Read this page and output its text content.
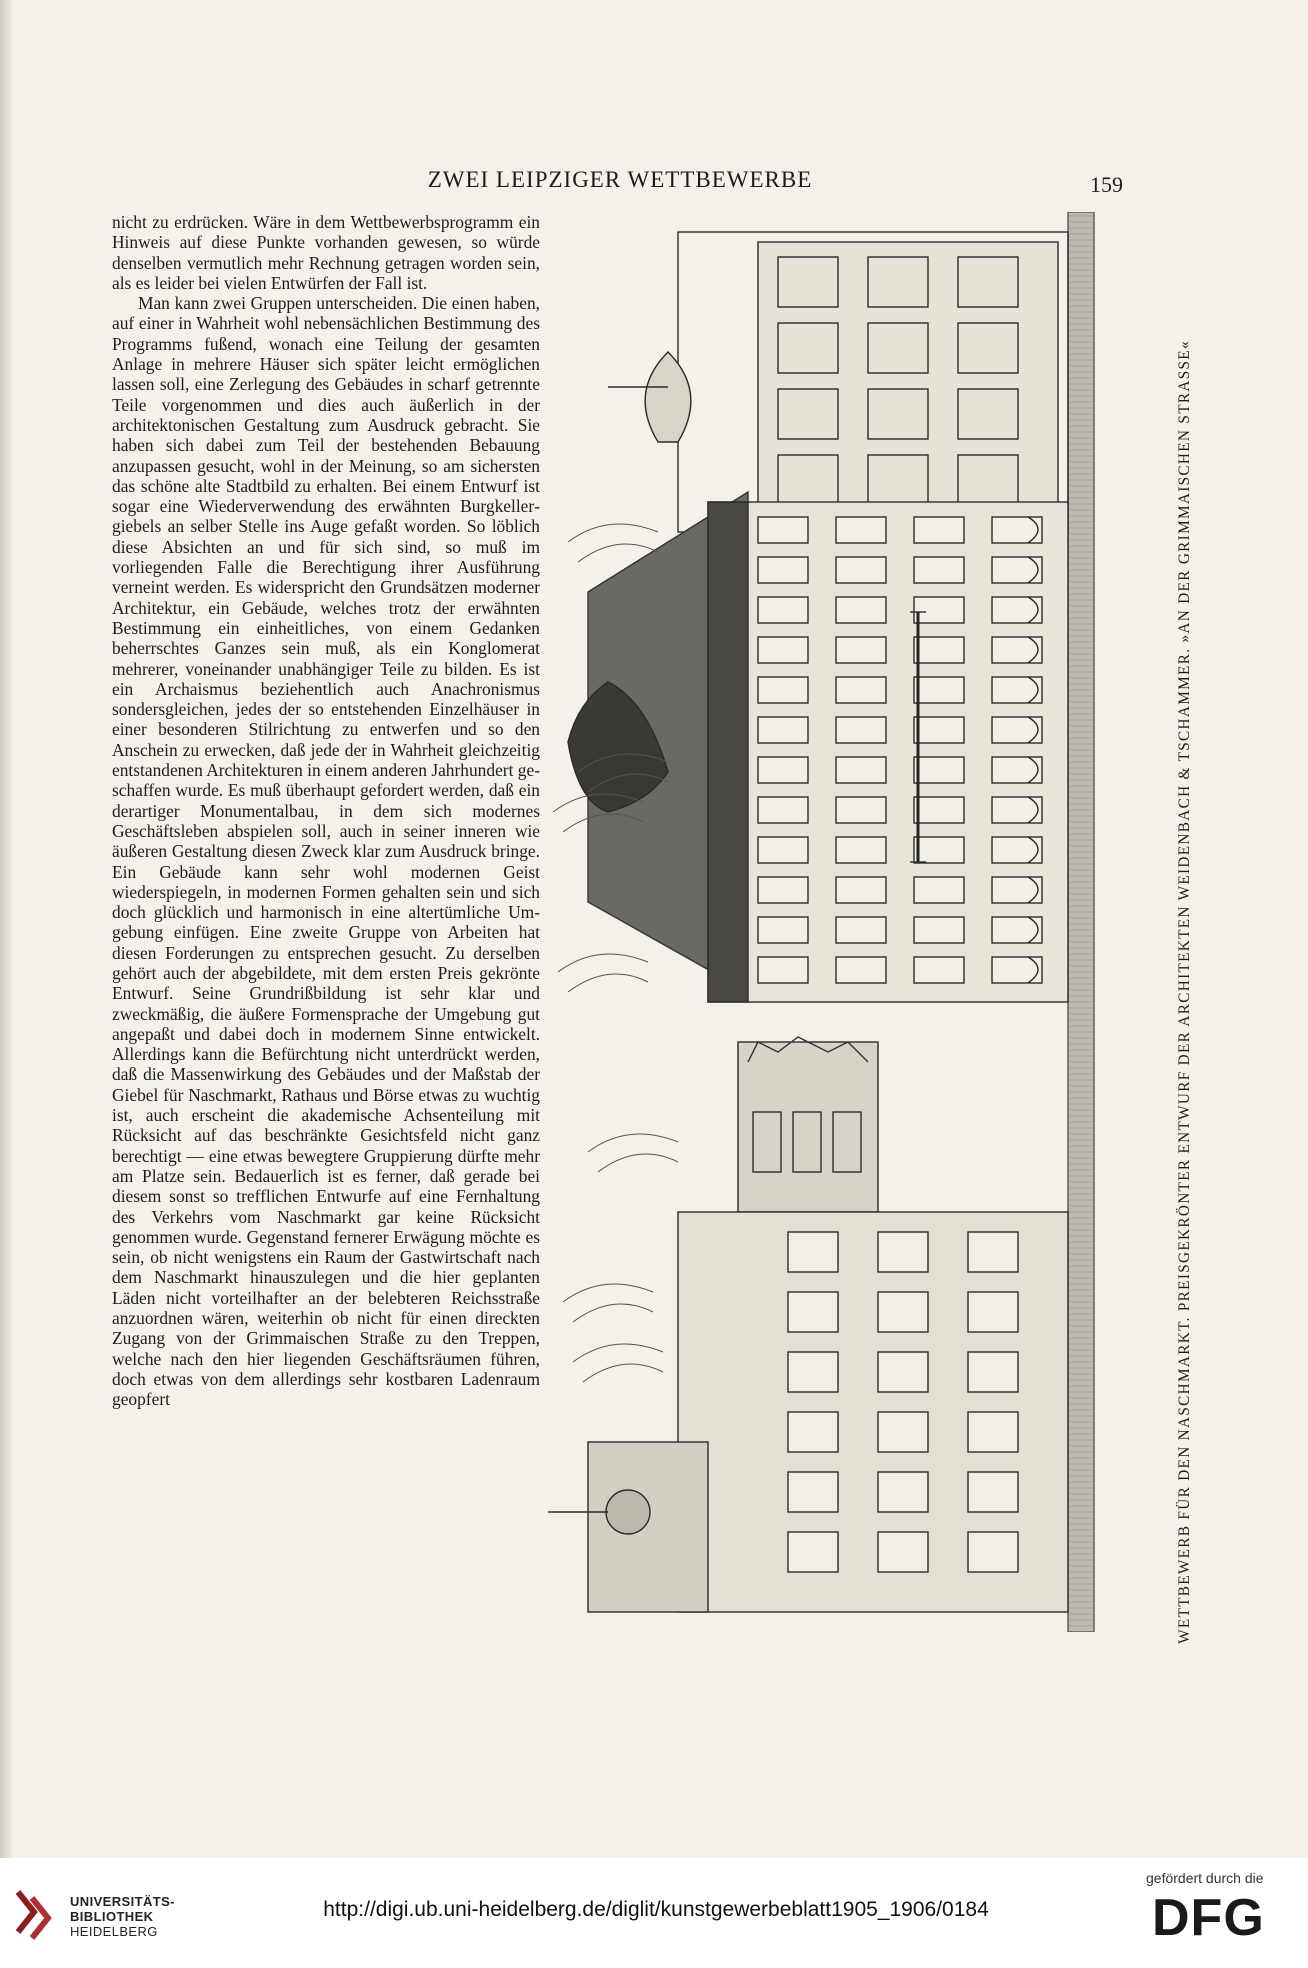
ZWEI LEIPZIGER WETTBEWERBE	159

nicht zu erdrücken. Wäre in dem Wettbewerbsprogramm ein Hinweis auf diese Punkte vorhanden gewesen, so würde denselben vermutlich mehr Rechnung getragen worden sein, als es leider bei vielen Entwürfen der Fall ist.

Man kann zwei Gruppen unterscheiden. Die einen haben, auf einer in Wahrheit wohl nebensächlichen Bestimmung des Programms fußend, wonach eine Teilung der gesamten Anlage in mehrere Häuser sich später leicht ermöglichen lassen soll, eine Zerlegung des Gebäudes in scharf getrennte Teile vorgenommen und dies auch äußerlich in der architektonischen Gestaltung zum Ausdruck gebracht. Sie haben sich dabei zum Teil der bestehenden Bebauung anzupassen gesucht, wohl in der Meinung, so am sichersten das schöne alte Stadtbild zu erhalten. Bei einem Entwurf ist sogar eine Wiederverwendung des erwähnten Burgkellergiebels an selber Stelle ins Auge gefaßt worden. So löblich diese Absichten an und für sich sind, so muß im vorliegenden Falle die Berechtigung ihrer Ausführung verneint werden. Es widerspricht den Grundsätzen moderner Architektur, ein Gebäude, welches trotz der erwähnten Bestimmung ein einheitliches, von einem Gedanken beherrschtes Ganzes sein muß, als ein Konglomerat mehrerer, voneinander unabhängiger Teile zu bilden. Es ist ein Archaismus beziehentlich auch Anachronismus sondersgleichen, jedes der so entstehenden Einzelhäuser in einer besonderen Stilrichtung zu entwerfen und so den Anschein zu erwecken, daß jede der in Wahrheit gleichzeitig entstandenen Architekturen in einem anderen Jahrhundert geschaffen wurde. Es muß überhaupt gefordert werden, daß ein derartiger Monumentalbau, in dem sich modernes Geschäftsleben abspielen soll, auch in seiner inneren wie äußeren Gestaltung diesen Zweck klar zum Ausdruck bringe. Ein Gebäude kann sehr wohl modernen Geist wiederspiegeln, in modernen Formen gehalten sein und sich doch glücklich und harmonisch in eine altertümliche Umgebung einfügen. Eine zweite Gruppe von Arbeiten hat diesen Forderungen zu entsprechen gesucht. Zu derselben gehört auch der abgebildete, mit dem ersten Preis gekrönte Entwurf. Seine Grundrißbildung ist sehr klar und zweckmäßig, die äußere Formensprache der Umgebung gut angepaßt und dabei doch in modernem Sinne entwickelt. Allerdings kann die Befürchtung nicht unterdrückt werden, daß die Massenwirkung des Gebäudes und der Maßstab der Giebel für Naschmarkt, Rathaus und Börse etwas zu wuchtig ist, auch erscheint die akademische Achsenteilung mit Rücksicht auf das beschränkte Gesichtsfeld nicht ganz berechtigt — eine etwas bewegtere Gruppierung dürfte mehr am Platze sein. Bedauerlich ist es ferner, daß gerade bei diesem sonst so trefflichen Entwurfe auf eine Fernhaltung des Verkehrs vom Naschmarkt gar keine Rücksicht genommen wurde. Gegenstand fernerer Erwägung möchte es sein, ob nicht wenigstens ein Raum der Gastwirtschaft nach dem Naschmarkt hinauszulegen und die hier geplanten Läden nicht vorteilhafter an der belebteren Reichsstraße anzuordnen wären, weiterhin ob nicht für einen direckten Zugang von der Grimmaischen Straße zu den Treppen, welche nach den hier liegenden Geschäftsräumen führen, doch etwas von dem allerdings sehr kostbaren Ladenraum geopfert	WETTBEWERB FÜR DEN NASCHMARKT. PREISGEKRÖNTER ENTWURF DER ARCHITEKTEN WEIDENBACH & TSCHAMMER. »AN DER GRIMMAISCHEN STRASSE«
UNIVERSITÄTS-
BIBLIOTHEK
HEIDELBERG
http://digi.ub.uni-heidelberg.de/diglit/kunstgewerbeblatt1905_1906/0184
gefördert durch die
DFG
